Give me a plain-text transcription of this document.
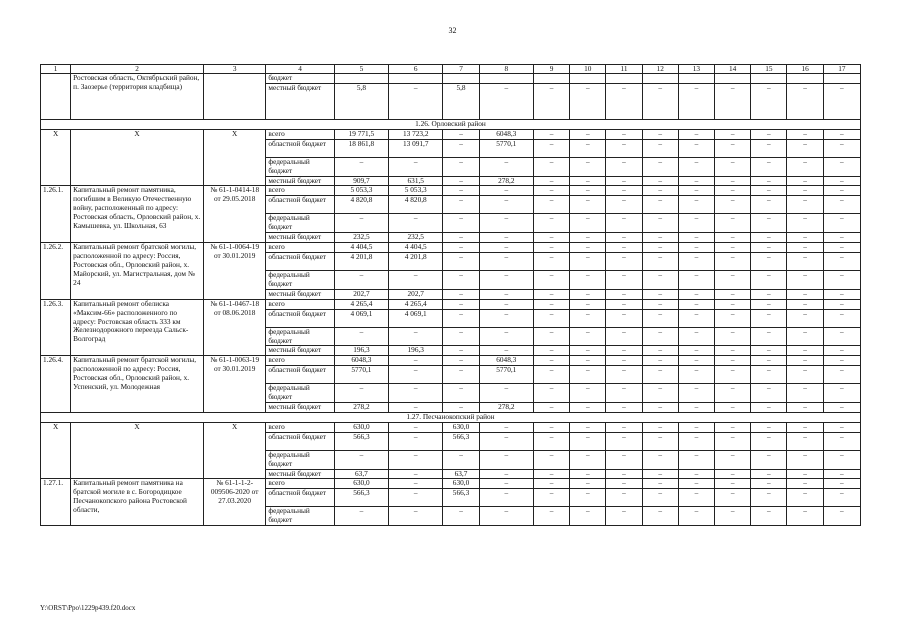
32
1	2	3	4	5	6	7	8	9	10	11	12	13	14	15	16	17
	Ростовская область, Октябрьский район, п. Заозерье (территория кладбища)		бюджет													
			местный бюджет	5,8	–	5,8	–	–	–	–	–	–	–	–	–	–
1.26. Орловский район																
Х	Х	Х	всего	19 771,5	13 723,2	–	6048,3	–	–	–	–	–	–	–	–	–
			областной бюджет	18 861,8	13 091,7	–	5770,1	–	–	–	–	–	–	–	–	–
			федеральный бюджет	–	–	–	–	–	–	–	–	–	–	–	–	–
			местный бюджет	909,7	631,5	–	278,2	–	–	–	–	–	–	–	–	–
1.26.1.	Капитальный ремонт памятника, погибшим в Великую Отечественную войну, расположенный по адресу: Ростовская область, Орловский район, х. Камышевка, ул. Школьная, 63	№ 61-1-0414-18 от 29.05.2018	всего	5 053,3	5 053,3	–	–	–	–	–	–	–	–	–	–	–
			областной бюджет	4 820,8	4 820,8	–	–	–	–	–	–	–	–	–	–	–
			федеральный бюджет	–	–	–	–	–	–	–	–	–	–	–	–	–
			местный бюджет	232,5	232,5	–	–	–	–	–	–	–	–	–	–	–
1.26.2.	Капитальный ремонт братской могилы, расположенной по адресу: Россия, Ростовская обл., Орловский район, х. Майорский, ул. Магистральная, дом № 24	№ 61-1-0064-19 от 30.01.2019	всего	4 404,5	4 404,5	–	–	–	–	–	–	–	–	–	–	–
			областной бюджет	4 201,8	4 201,8	–	–	–	–	–	–	–	–	–	–	–
			федеральный бюджет	–	–	–	–	–	–	–	–	–	–	–	–	–
			местный бюджет	202,7	202,7	–	–	–	–	–	–	–	–	–	–	–
1.26.3.	Капитальный ремонт обелиска «Максим-66» расположенного по адресу: Ростовская область 333 км Железнодорожного переезда Сальск-Волгоград	№ 61-1-0467-18 от 08.06.2018	всего	4 265,4	4 265,4	–	–	–	–	–	–	–	–	–	–	–
			областной бюджет	4 069,1	4 069,1	–	–	–	–	–	–	–	–	–	–	–
			федеральный бюджет	–	–	–	–	–	–	–	–	–	–	–	–	–
			местный бюджет	196,3	196,3	–	–	–	–	–	–	–	–	–	–	–
1.26.4.	Капитальный ремонт братской могилы, расположенной по адресу: Россия, Ростовская обл., Орловский район, х. Успенский, ул. Молодежная	№ 61-1-0063-19 от 30.01.2019	всего	6048,3	–	–	6048,3	–	–	–	–	–	–	–	–	–
			областной бюджет	5770,1	–	–	5770,1	–	–	–	–	–	–	–	–	–
			федеральный бюджет	–	–	–	–	–	–	–	–	–	–	–	–	–
			местный бюджет	278,2	–	–	278,2	–	–	–	–	–	–	–	–	–
1.27. Песчанокопский район																
Х	Х	Х	всего	630,0	–	630,0	–	–	–	–	–	–	–	–	–	–
			областной бюджет	566,3	–	566,3	–	–	–	–	–	–	–	–	–	–
			федеральный бюджет	–	–	–	–	–	–	–	–	–	–	–	–	–
			местный бюджет	63,7	–	63,7	–	–	–	–	–	–	–	–	–	–
1.27.1.	Капитальный ремонт памятника на братской могиле в с. Богородицкое Песчанокопского района Ростовской области,	№ 61-1-1-2-009506-2020 от 27.03.2020	всего	630,0	–	630,0	–	–	–	–	–	–	–	–	–	–
			областной бюджет	566,3	–	566,3	–	–	–	–	–	–	–	–	–	–
			федеральный бюджет	–	–	–	–	–	–	–	–	–	–	–	–	–
Y:\ORST\Ppo\1229p439.f20.docx
